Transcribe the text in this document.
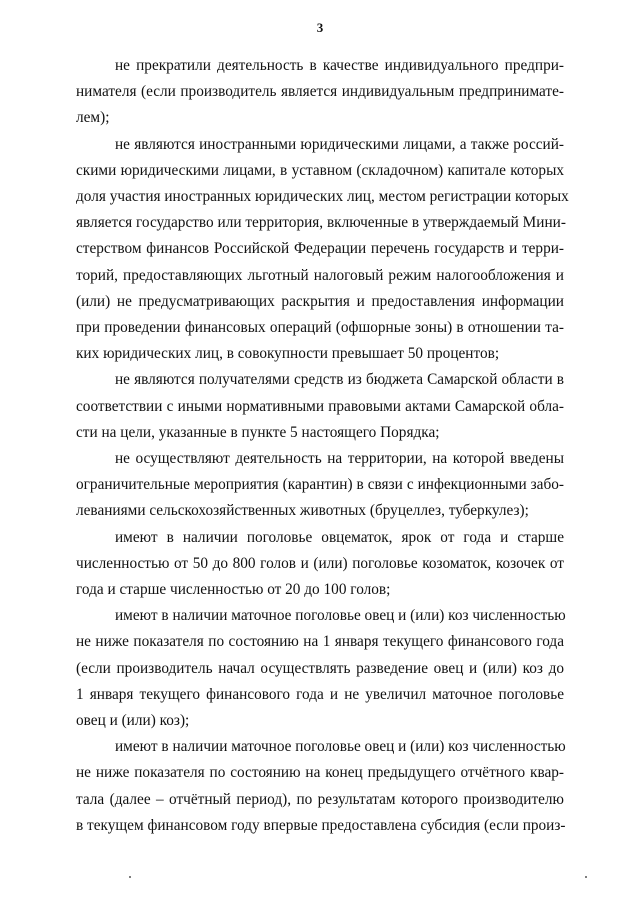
3
не прекратили деятельность в качестве индивидуального предпри-
нимателя (если производитель является индивидуальным предпринимате-
лем);
не являются иностранными юридическими лицами, а также россий-
скими юридическими лицами, в уставном (складочном) капитале которых
доля участия иностранных юридических лиц, местом регистрации которых
является государство или территория, включенные в утверждаемый Мини-
стерством финансов Российской Федерации перечень государств и терри-
торий, предоставляющих льготный налоговый режим налогообложения и
(или) не предусматривающих раскрытия и предоставления информации
при проведении финансовых операций (офшорные зоны) в отношении та-
ких юридических лиц, в совокупности превышает 50 процентов;
не являются получателями средств из бюджета Самарской области в
соответствии с иными нормативными правовыми актами Самарской обла-
сти на цели, указанные в пункте 5 настоящего Порядка;
не осуществляют деятельность на территории, на которой введены
ограничительные мероприятия (карантин) в связи с инфекционными забо-
леваниями сельскохозяйственных животных (бруцеллез, туберкулез);
имеют в наличии поголовье овцематок, ярок от года и старше
численностью от 50 до 800 голов и (или) поголовье козоматок, козочек от
года и старше численностью от 20 до 100 голов;
имеют в наличии маточное поголовье овец и (или) коз численностью
не ниже показателя по состоянию на 1 января текущего финансового года
(если производитель начал осуществлять разведение овец и (или) коз до
1 января текущего финансового года и не увеличил маточное поголовье
овец и (или) коз);
имеют в наличии маточное поголовье овец и (или) коз численностью
не ниже показателя по состоянию на конец предыдущего отчётного квар-
тала (далее – отчётный период), по результатам которого производителю
в текущем финансовом году впервые предоставлена субсидия (если произ-
